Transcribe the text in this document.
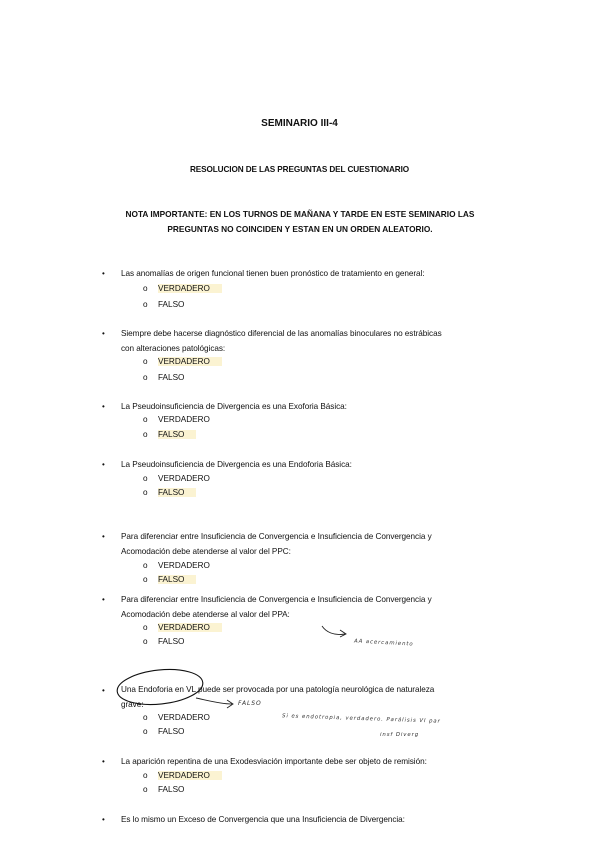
SEMINARIO III-4
RESOLUCION DE LAS PREGUNTAS DEL CUESTIONARIO
NOTA IMPORTANTE: EN LOS TURNOS DE MAÑANA Y TARDE EN ESTE SEMINARIO LAS
PREGUNTAS NO COINCIDEN Y ESTAN EN UN ORDEN ALEATORIO.
• Las anomalías de origen funcional tienen buen pronóstico de tratamiento en general:
o VERDADERO
o FALSO
• Siempre debe hacerse diagnóstico diferencial de las anomalías binoculares no estrábicas
con alteraciones patológicas:
o VERDADERO
o FALSO
• La Pseudoinsuficiencia de Divergencia es una Exoforia Básica:
o VERDADERO
o FALSO
• La Pseudoinsuficiencia de Divergencia es una Endoforia Básica:
o VERDADERO
o FALSO
• Para diferenciar entre Insuficiencia de Convergencia e Insuficiencia de Convergencia y
Acomodación debe atenderse al valor del PPC:
o VERDADERO
o FALSO
• Para diferenciar entre Insuficiencia de Convergencia e Insuficiencia de Convergencia y
Acomodación debe atenderse al valor del PPA:
o VERDADERO
o FALSO
• Una Endoforia en VL puede ser provocada por una patología neurológica de naturaleza
grave:
o VERDADERO
o FALSO
• La aparición repentina de una Exodesviación importante debe ser objeto de remisión:
o VERDADERO
o FALSO
• Es lo mismo un Exceso de Convergencia que una Insuficiencia de Divergencia:
AA acercamiento
FALSO
Si es endotropia, verdadero. Parálisis VI par
insf Diverg
